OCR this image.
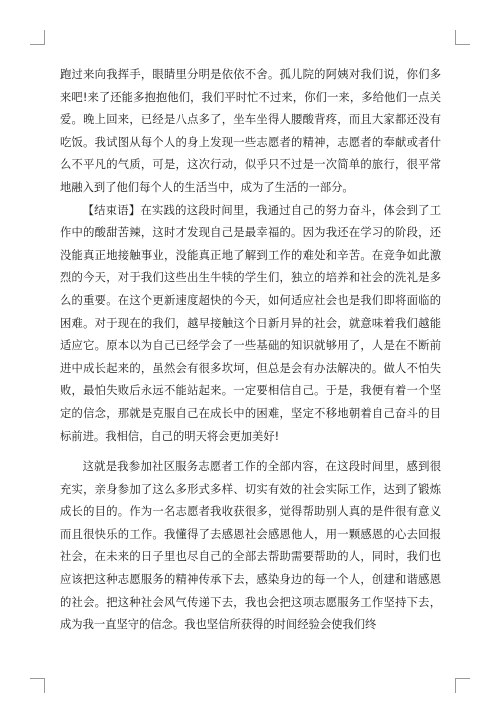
跑过来向我挥手，眼睛里分明是依依不舍。孤儿院的阿姨对我们说，你们多来吧!来了还能多抱抱他们，我们平时忙不过来，你们一来，多给他们一点关爱。晚上回来，已经是八点多了，坐车坐得人腰酸背疼，而且大家都还没有吃饭。我试图从每个人的身上发现一些志愿者的精神，志愿者的奉献或者什么不平凡的气质，可是，这次行动，似乎只不过是一次简单的旅行，很平常地融入到了他们每个人的生活当中，成为了生活的一部分。

【结束语】在实践的这段时间里，我通过自己的努力奋斗，体会到了工作中的酸甜苦辣，这时才发现自己是最幸福的。因为我还在学习的阶段，还没能真正地接触事业，没能真正地了解到工作的难处和辛苦。在竞争如此激烈的今天，对于我们这些出生牛犊的学生们，独立的培养和社会的洗礼是多么的重要。在这个更新速度超快的今天，如何适应社会也是我们即将面临的困难。对于现在的我们，越早接触这个日新月异的社会，就意味着我们越能适应它。原本以为自己已经学会了一些基础的知识就够用了，人是在不断前进中成长起来的，虽然会有很多坎坷，但总是会有办法解决的。做人不怕失败，最怕失败后永远不能站起来。一定要相信自己。于是，我便有着一个坚定的信念，那就是克服自己在成长中的困难，坚定不移地朝着自己奋斗的目标前进。我相信，自己的明天将会更加美好!

这就是我参加社区服务志愿者工作的全部内容，在这段时间里，感到很充实，亲身参加了这么多形式多样、切实有效的社会实际工作，达到了锻炼成长的目的。作为一名志愿者我收获很多，觉得帮助别人真的是件很有意义而且很快乐的工作。我懂得了去感恩社会感恩他人，用一颗感恩的心去回报社会，在未来的日子里也尽自己的全部去帮助需要帮助的人，同时，我们也应该把这种志愿服务的精神传承下去，感染身边的每一个人，创建和谐感恩的社会。把这种社会风气传递下去，我也会把这项志愿服务工作坚持下去，成为我一直坚守的信念。我也坚信所获得的时间经验会使我们终
